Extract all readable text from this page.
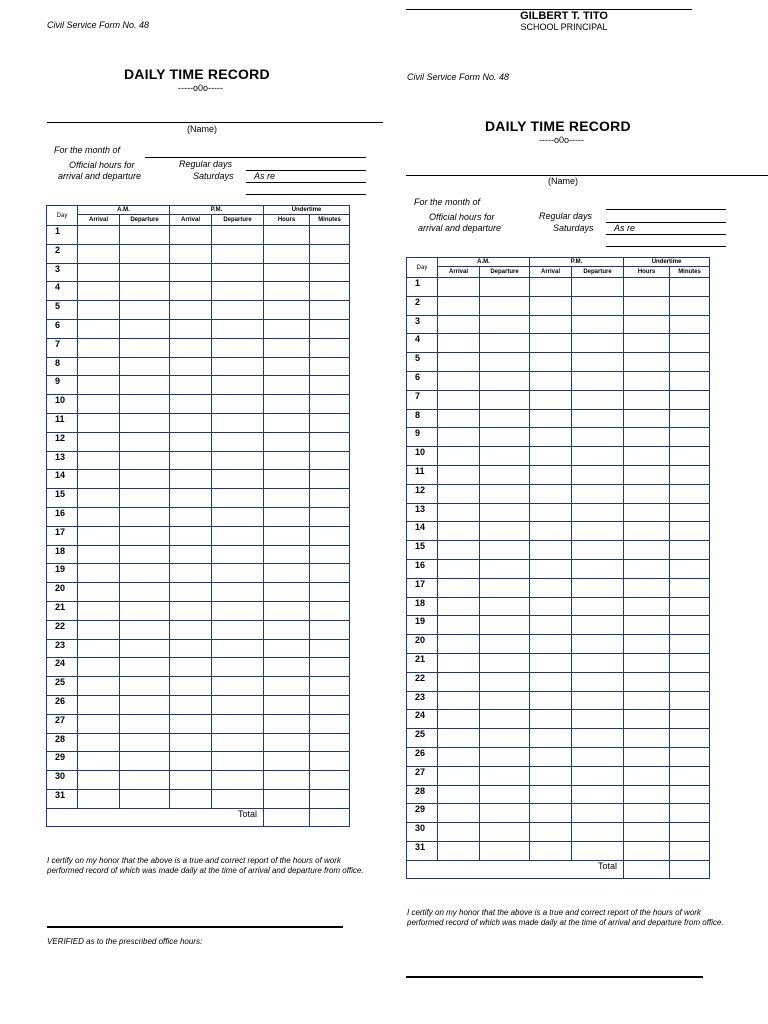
Civil Service Form No. 48
DAILY TIME RECORD
-----o0o-----
(Name)
For the month of
Official hours for
arrival and departure
Regular days
Saturdays As re
Day	A.M.		P.M.		Undertime	
	Arrival	Departure	Arrival	Departure	Hours	Minutes
1						
2						
3						
4						
5						
6						
7						
8						
9						
10						
11						
12						
13						
14						
15						
16						
17						
18						
19						
20						
21						
22						
23						
24						
25						
26						
27						
28						
29						
30						
31						
Total						
I certify on my honor that the above is a true and correct report of the hours of work performed record of which was made daily at the time of arrival and departure from office.
VERIFIED as to the prescribed office hours:
GILBERT T. TITO
SCHOOL PRINCIPAL
Civil Service Form No. 48
DAILY TIME RECORD
-----o0o-----
(Name)
For the month of
Official hours for
arrival and departure
Regular days
Saturdays As re
Day	A.M.		P.M.		Undertime	
	Arrival	Departure	Arrival	Departure	Hours	Minutes
1						
2						
3						
4						
5						
6						
7						
8						
9						
10						
11						
12						
13						
14						
15						
16						
17						
18						
19						
20						
21						
22						
23						
24						
25						
26						
27						
28						
29						
30						
31						
Total						
I certify on my honor that the above is a true and correct report of the hours of work performed record of which was made daily at the time of arrival and departure from office.
